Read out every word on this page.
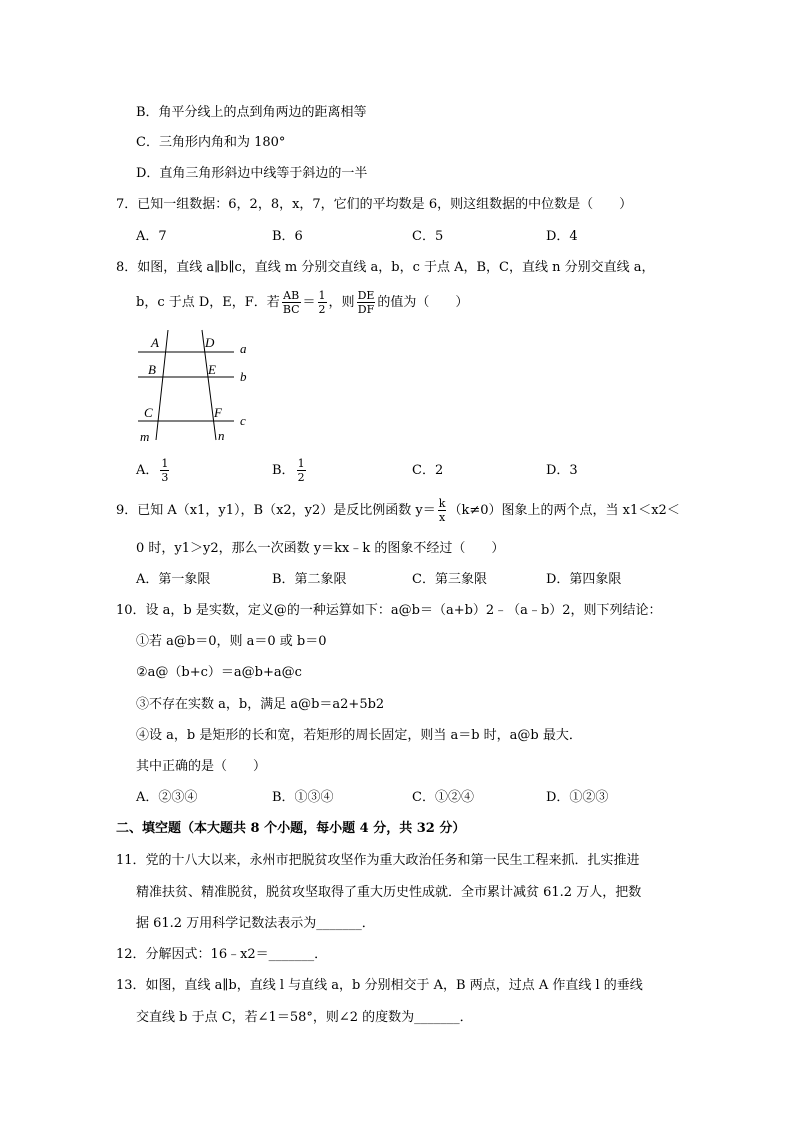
B．角平分线上的点到角两边的距离相等
C．三角形内角和为 180°
D．直角三角形斜边中线等于斜边的一半
7．已知一组数据：6，2，8，x，7，它们的平均数是 6，则这组数据的中位数是（　　）
A．7	B．6	C．5	D．4
8．如图，直线 a∥b∥c，直线 m 分别交直线 a，b，c 于点 A，B，C，直线 n 分别交直线 a，
b，c 于点 D，E，F．若 $\frac{AB}{BC} = \frac{1}{2}$ ，则 $\frac{DE}{DF}$ 的值为（　　）
A	D a
B	E b
C	F
c
m	n
A． $\frac{1}{3}$	B． $\frac{1}{2}$	C．2	D．3
9．已知 A（x1，y1），B（x2，y2）是反比例函数 $y= \frac{k}{x} (k\ne 0)$图象上的两个点，当 x1＜x2＜
0 时，y1＞y2，那么一次函数 y＝kx﹣k 的图象不经过（　　）
A．第一象限	B．第二象限	C．第三象限	D．第四象限
10．设 a，b 是实数，定义@的一种运算如下：a@b＝（a+b）2﹣（a﹣b）2，则下列结论：
①若 a@b＝0，则 a＝0 或 b＝0
②a@（b+c）＝a@b+a@c
③不存在实数 a，b，满足 a@b＝a2+5b2
④设 a，b 是矩形的长和宽，若矩形的周长固定，则当 a＝b 时，a@b 最大．
其中正确的是（　　）
A．②③④	B．①③④	C．①②④	D．①②③
二、填空题（本大题共 8 个小题，每小题 4 分，共 32 分）
11．党的十八大以来，永州市把脱贫攻坚作为重大政治任务和第一民生工程来抓．扎实推进
精准扶贫、精准脱贫，脱贫攻坚取得了重大历史性成就．全市累计减贫 61.2 万人，把数
据 61.2 万用科学记数法表示为_______．
12．分解因式：16﹣x2＝_______．
13．如图，直线 a∥b，直线 l 与直线 a，b 分别相交于 A，B 两点，过点 A 作直线 l 的垂线
交直线 b 于点 C，若∠1＝58°，则∠2 的度数为_______．
